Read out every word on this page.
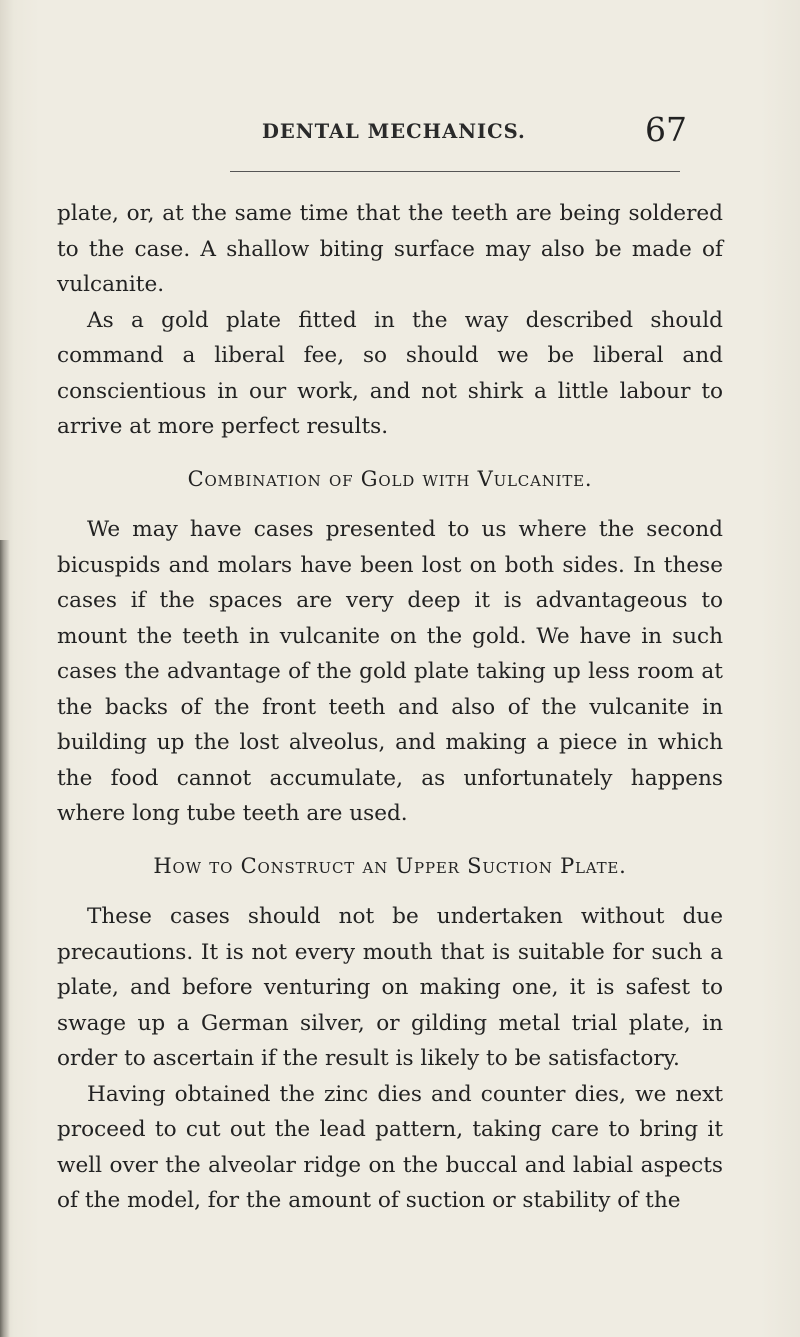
DENTAL MECHANICS.	67

plate, or, at the same time that the teeth are being soldered to the case. A shallow biting surface may also be made of vulcanite.

As a gold plate fitted in the way described should command a liberal fee, so should we be liberal and conscientious in our work, and not shirk a little labour to arrive at more perfect results.

Combination of Gold with Vulcanite.

We may have cases presented to us where the second bicuspids and molars have been lost on both sides. In these cases if the spaces are very deep it is advantageous to mount the teeth in vulcanite on the gold. We have in such cases the advantage of the gold plate taking up less room at the backs of the front teeth and also of the vulcanite in building up the lost alveolus, and making a piece in which the food cannot accumulate, as unfortunately happens where long tube teeth are used.

How to Construct an Upper Suction Plate.

These cases should not be undertaken without due precautions. It is not every mouth that is suitable for such a plate, and before venturing on making one, it is safest to swage up a German silver, or gilding metal trial plate, in order to ascertain if the result is likely to be satisfactory.

Having obtained the zinc dies and counter dies, we next proceed to cut out the lead pattern, taking care to bring it well over the alveolar ridge on the buccal and labial aspects of the model, for the amount of suction or stability of the
